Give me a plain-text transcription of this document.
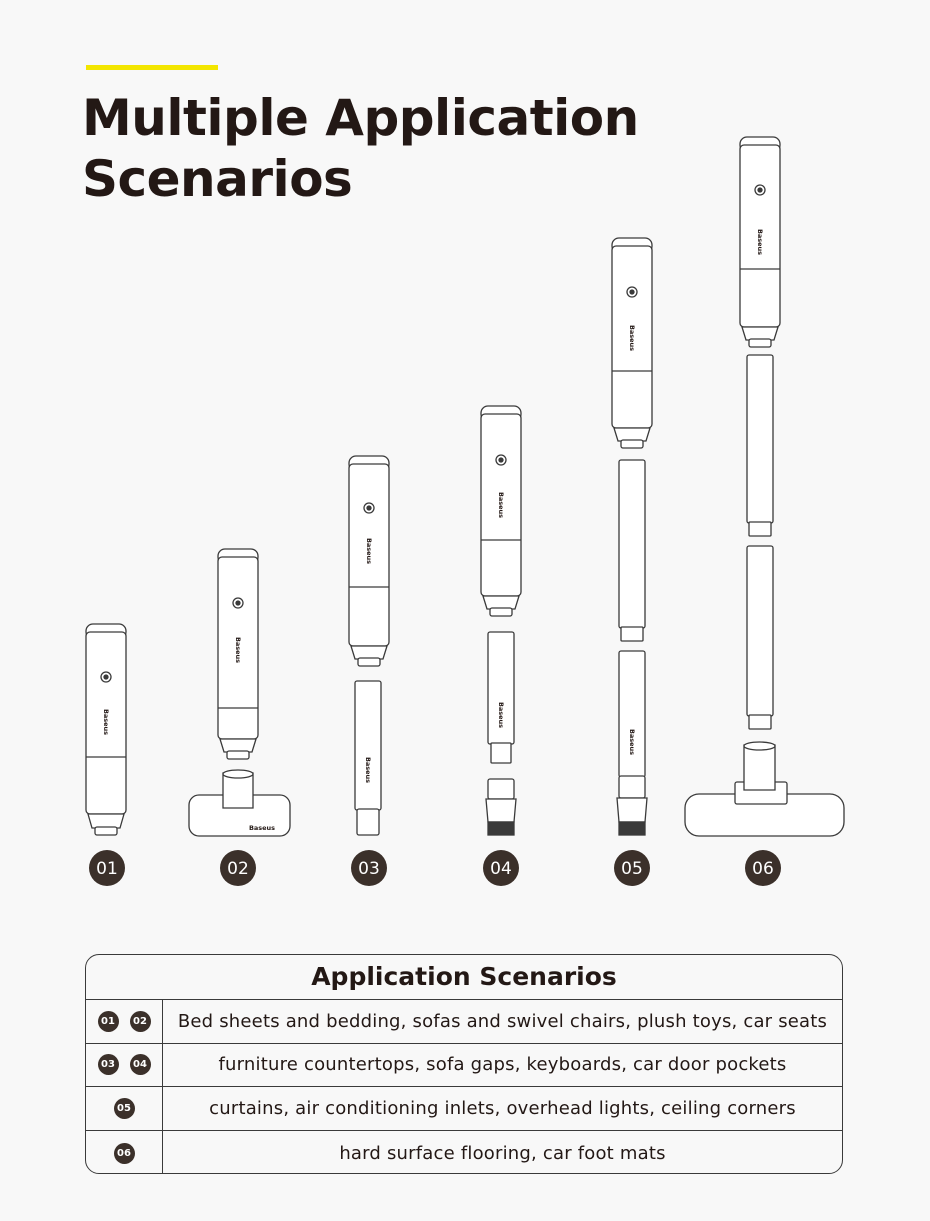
Multiple Application
Scenarios
Baseus
Baseus
Baseus
Baseus
Baseus
Baseus
Baseus
Baseus
Baseus
Baseus
01	02	03	04	05	06
Application Scenarios
01	02	Bed sheets and bedding, sofas and swivel chairs, plush toys, car seats
03	04	furniture countertops, sofa gaps, keyboards, car door pockets
05	curtains, air conditioning inlets, overhead lights, ceiling corners
06	hard surface flooring, car foot mats
